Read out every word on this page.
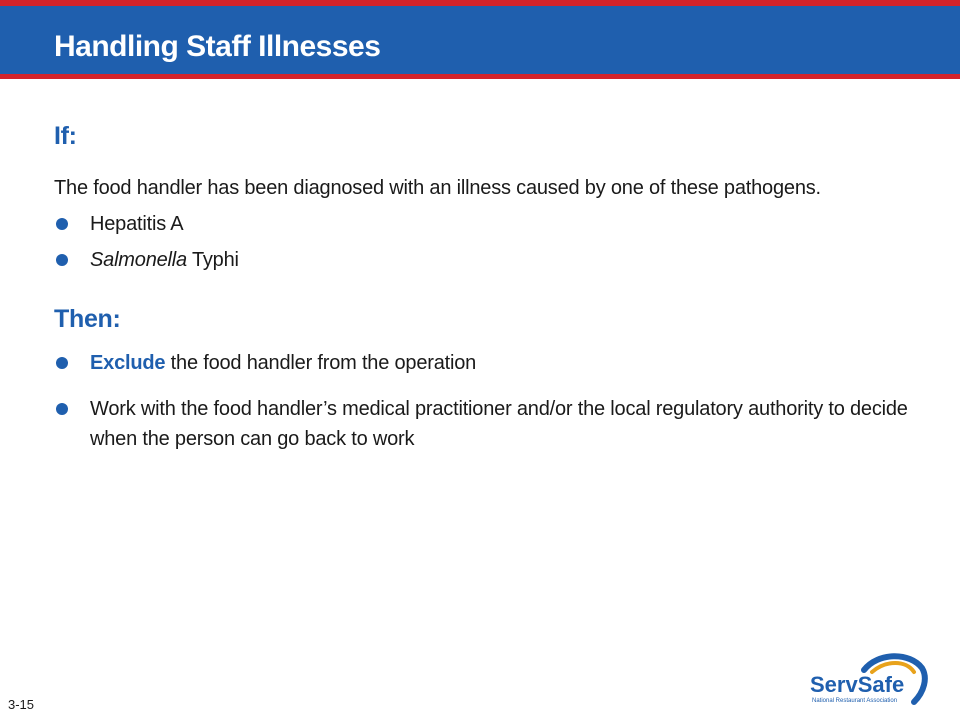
Handling Staff Illnesses
If:

The food handler has been diagnosed with an illness caused by one of these pathogens.

Hepatitis A
Salmonella Typhi
Then:
Exclude the food handler from the operation
Work with the food handler’s medical practitioner and/or the local regulatory authority to decide when the person can go back to work
3-15
ServSafe
National Restaurant Association
